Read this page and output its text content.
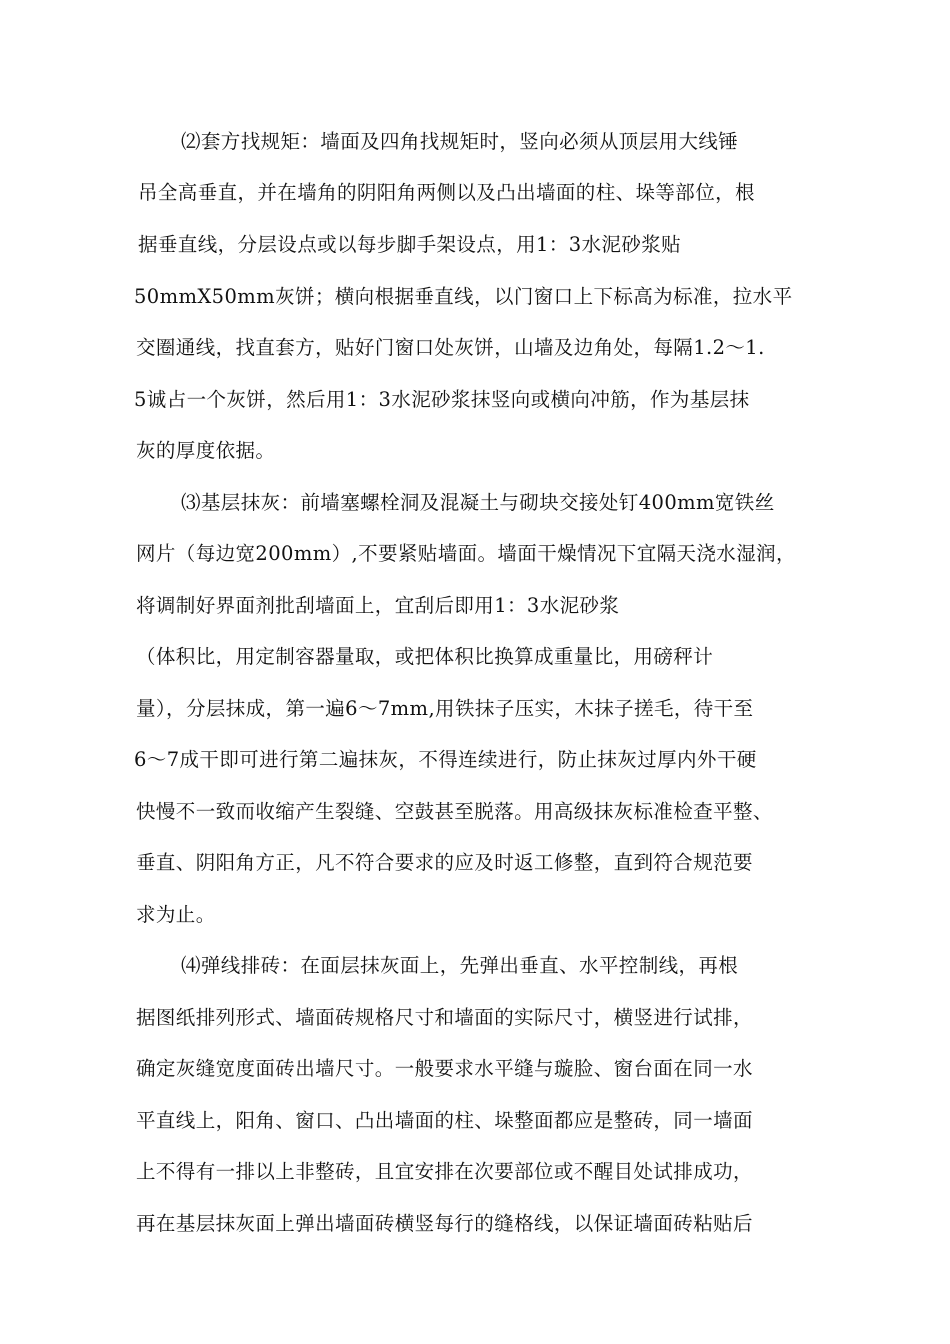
⑵套方找规矩：墙面及四角找规矩时，竖向必须从顶层用大线锤
吊全高垂直，并在墙角的阴阳角两侧以及凸出墙面的柱、垛等部位，根
据垂直线，分层设点或以每步脚手架设点，用1：3水泥砂浆贴
50mmX50mm灰饼；横向根据垂直线，以门窗口上下标高为标准，拉水平
交圈通线，找直套方，贴好门窗口处灰饼，山墙及边角处，每隔1.2〜1.
5诚占一个灰饼，然后用1：3水泥砂浆抹竖向或横向冲筋，作为基层抹
灰的厚度依据。
⑶基层抹灰：前墙塞螺栓洞及混凝土与砌块交接处钉400mm宽铁丝
网片（每边宽200mm）,不要紧贴墙面。墙面干燥情况下宜隔天浇水湿润，
将调制好界面剂批刮墙面上，宜刮后即用1：3水泥砂浆
（体积比，用定制容器量取，或把体积比换算成重量比，用磅秤计
量），分层抹成，第一遍6〜7mm,用铁抹子压实，木抹子搓毛，待干至
6〜7成干即可进行第二遍抹灰，不得连续进行，防止抹灰过厚内外干硬
快慢不一致而收缩产生裂缝、空鼓甚至脱落。用高级抹灰标准检查平整、
垂直、阴阳角方正，凡不符合要求的应及时返工修整，直到符合规范要
求为止。
⑷弹线排砖：在面层抹灰面上，先弹出垂直、水平控制线，再根
据图纸排列形式、墙面砖规格尺寸和墙面的实际尺寸，横竖进行试排，
确定灰缝宽度面砖出墙尺寸。一般要求水平缝与璇脸、窗台面在同一水
平直线上，阳角、窗口、凸出墙面的柱、垛整面都应是整砖，同一墙面
上不得有一排以上非整砖，且宜安排在次要部位或不醒目处试排成功，
再在基层抹灰面上弹出墙面砖横竖每行的缝格线，以保证墙面砖粘贴后
